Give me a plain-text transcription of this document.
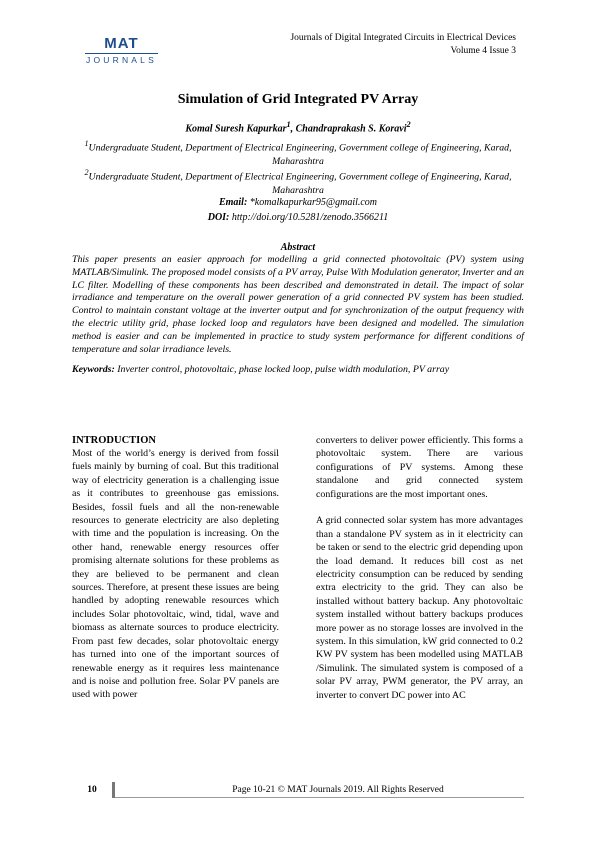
MAT
JOURNALS
Journals of Digital Integrated Circuits in Electrical Devices
Volume 4 Issue 3
Simulation of Grid Integrated PV Array
Komal Suresh Kapurkar$^1$, Chandraprakash S. Koravi$^2$
$^1$Undergraduate Student, Department of Electrical Engineering, Government college of Engineering, Karad, Maharashtra
$^2$Undergraduate Student, Department of Electrical Engineering, Government college of Engineering, Karad, Maharashtra
Email: *komalkapurkar95@gmail.com
DOI: http://doi.org/10.5281/zenodo.3566211
Abstract
This paper presents an easier approach for modelling a grid connected photovoltaic (PV) system using MATLAB/Simulink. The proposed model consists of a PV array, Pulse With Modulation generator, Inverter and an LC filter. Modelling of these components has been described and demonstrated in detail. The impact of solar irradiance and temperature on the overall power generation of a grid connected PV system has been studied. Control to maintain constant voltage at the inverter output and for synchronization of the output frequency with the electric utility grid, phase locked loop and regulators have been designed and modelled. The simulation method is easier and can be implemented in practice to study system performance for different conditions of temperature and solar irradiance levels.
Keywords: Inverter control, photovoltaic, phase locked loop, pulse width modulation, PV array
INTRODUCTION

Most of the world’s energy is derived from fossil fuels mainly by burning of coal. But this traditional way of electricity generation is a challenging issue as it contributes to greenhouse gas emissions. Besides, fossil fuels and all the non-renewable resources to generate electricity are also depleting with time and the population is increasing. On the other hand, renewable energy resources offer promising alternate solutions for these problems as they are believed to be permanent and clean sources. Therefore, at present these issues are being handled by adopting renewable resources which includes Solar photovoltaic, wind, tidal, wave and biomass as alternate sources to produce electricity. From past few decades, solar photovoltaic energy has turned into one of the important sources of renewable energy as it requires less maintenance and is noise and pollution free. Solar PV panels are used with power

converters to deliver power efficiently. This forms a photovoltaic system. There are various configurations of PV systems. Among these standalone and grid connected system configurations are the most important ones.

A grid connected solar system has more advantages than a standalone PV system as in it electricity can be taken or send to the electric grid depending upon the load demand. It reduces bill cost as net electricity consumption can be reduced by sending extra electricity to the grid. They can also be installed without battery backup. Any photovoltaic system installed without battery backups produces more power as no storage losses are involved in the system. In this simulation, kW grid connected to 0.2 KW PV system has been modelled using MATLAB /Simulink. The simulated system is composed of a solar PV array, PWM generator, the PV array, an inverter to convert DC power into AC

10	Page 10-21 © MAT Journals 2019. All Rights Reserved
